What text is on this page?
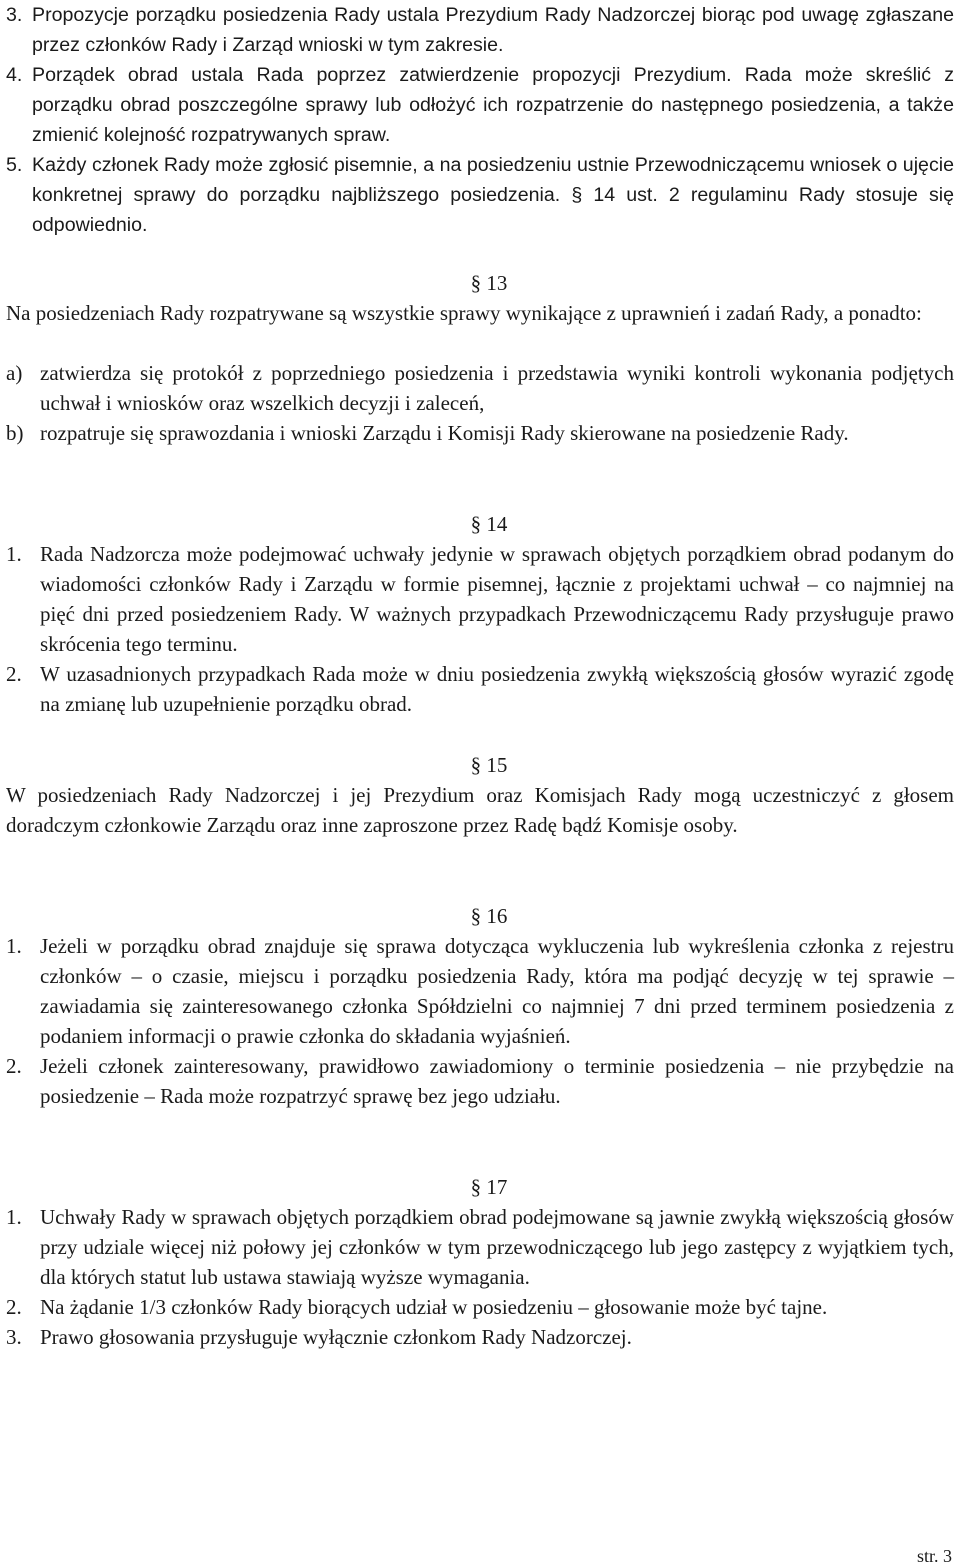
3. Propozycje porządku posiedzenia Rady ustala Prezydium Rady Nadzorczej biorąc pod uwagę zgłaszane przez członków Rady i Zarząd wnioski w tym zakresie.
4. Porządek obrad ustala Rada poprzez zatwierdzenie propozycji Prezydium. Rada może skreślić z porządku obrad poszczególne sprawy lub odłożyć ich rozpatrzenie do następnego posiedzenia, a także zmienić kolejność rozpatrywanych spraw.
5. Każdy członek Rady może zgłosić pisemnie, a na posiedzeniu ustnie Przewodniczącemu wniosek o ujęcie konkretnej sprawy do porządku najbliższego posiedzenia. § 14 ust. 2 regulaminu Rady stosuje się odpowiednio.
§ 13
Na posiedzeniach Rady rozpatrywane są wszystkie sprawy wynikające z uprawnień i zadań Rady, a ponadto:
a) zatwierdza się protokół z poprzedniego posiedzenia i przedstawia wyniki kontroli wykonania podjętych uchwał i wniosków oraz wszelkich decyzji i zaleceń,
b) rozpatruje się sprawozdania i wnioski Zarządu i Komisji Rady skierowane na posiedzenie Rady.
§ 14
1. Rada Nadzorcza może podejmować uchwały jedynie w sprawach objętych porządkiem obrad podanym do wiadomości członków Rady i Zarządu w formie pisemnej, łącznie z projektami uchwał – co najmniej na pięć dni przed posiedzeniem Rady. W ważnych przypadkach Przewodniczącemu Rady przysługuje prawo skrócenia tego terminu.
2. W uzasadnionych przypadkach Rada może w dniu posiedzenia zwykłą większością głosów wyrazić zgodę na zmianę lub uzupełnienie porządku obrad.
§ 15
W posiedzeniach Rady Nadzorczej i jej Prezydium oraz Komisjach Rady mogą uczestniczyć z głosem doradczym członkowie Zarządu oraz inne zaproszone przez Radę bądź Komisje osoby.
§ 16
1. Jeżeli w porządku obrad znajduje się sprawa dotycząca wykluczenia lub wykreślenia członka z rejestru członków – o czasie, miejscu i porządku posiedzenia Rady, która ma podjąć decyzję w tej sprawie – zawiadamia się zainteresowanego członka Spółdzielni co najmniej 7 dni przed terminem posiedzenia z podaniem informacji o prawie członka do składania wyjaśnień.
2. Jeżeli członek zainteresowany, prawidłowo zawiadomiony o terminie posiedzenia – nie przybędzie na posiedzenie – Rada może rozpatrzyć sprawę bez jego udziału.
§ 17
1. Uchwały Rady w sprawach objętych porządkiem obrad podejmowane są jawnie zwykłą większością głosów przy udziale więcej niż połowy jej członków w tym przewodniczącego lub jego zastępcy z wyjątkiem tych, dla których statut lub ustawa stawiają wyższe wymagania.
2. Na żądanie 1/3 członków Rady biorących udział w posiedzeniu – głosowanie może być tajne.
3. Prawo głosowania przysługuje wyłącznie członkom Rady Nadzorczej.
str. 3
